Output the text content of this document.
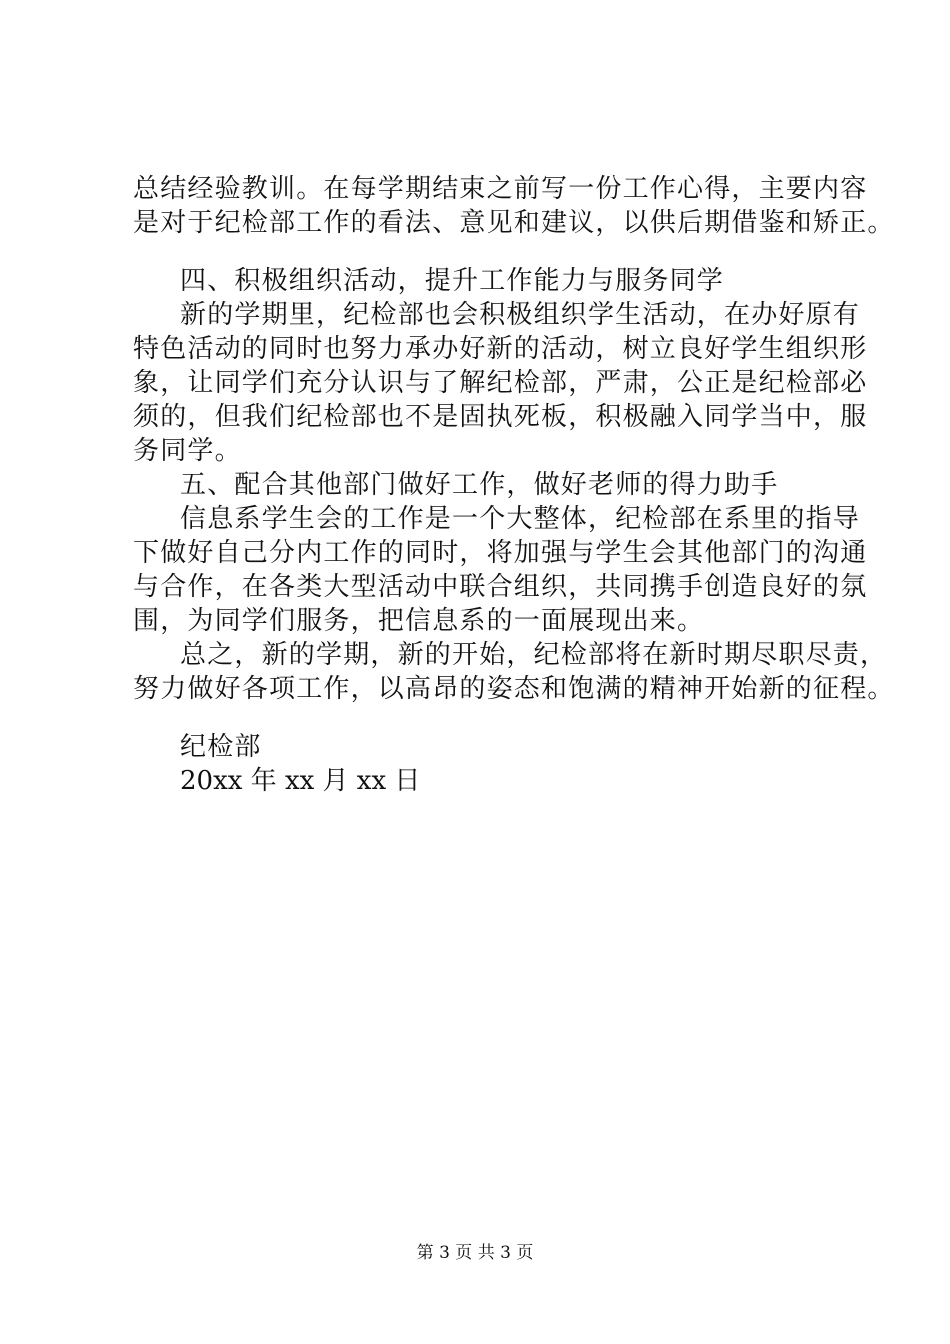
总结经验教训。在每学期结束之前写一份工作心得，主要内容
是对于纪检部工作的看法、意见和建议，以供后期借鉴和矫正。
四、积极组织活动，提升工作能力与服务同学
新的学期里，纪检部也会积极组织学生活动，在办好原有
特色活动的同时也努力承办好新的活动，树立良好学生组织形
象，让同学们充分认识与了解纪检部，严肃，公正是纪检部必
须的，但我们纪检部也不是固执死板，积极融入同学当中，服
务同学。
五、配合其他部门做好工作，做好老师的得力助手
信息系学生会的工作是一个大整体，纪检部在系里的指导
下做好自己分内工作的同时，将加强与学生会其他部门的沟通
与合作，在各类大型活动中联合组织，共同携手创造良好的氛
围，为同学们服务，把信息系的一面展现出来。
总之，新的学期，新的开始，纪检部将在新时期尽职尽责，
努力做好各项工作，以高昂的姿态和饱满的精神开始新的征程。
纪检部
20xx 年 xx 月 xx 日
第 3 页 共 3 页
